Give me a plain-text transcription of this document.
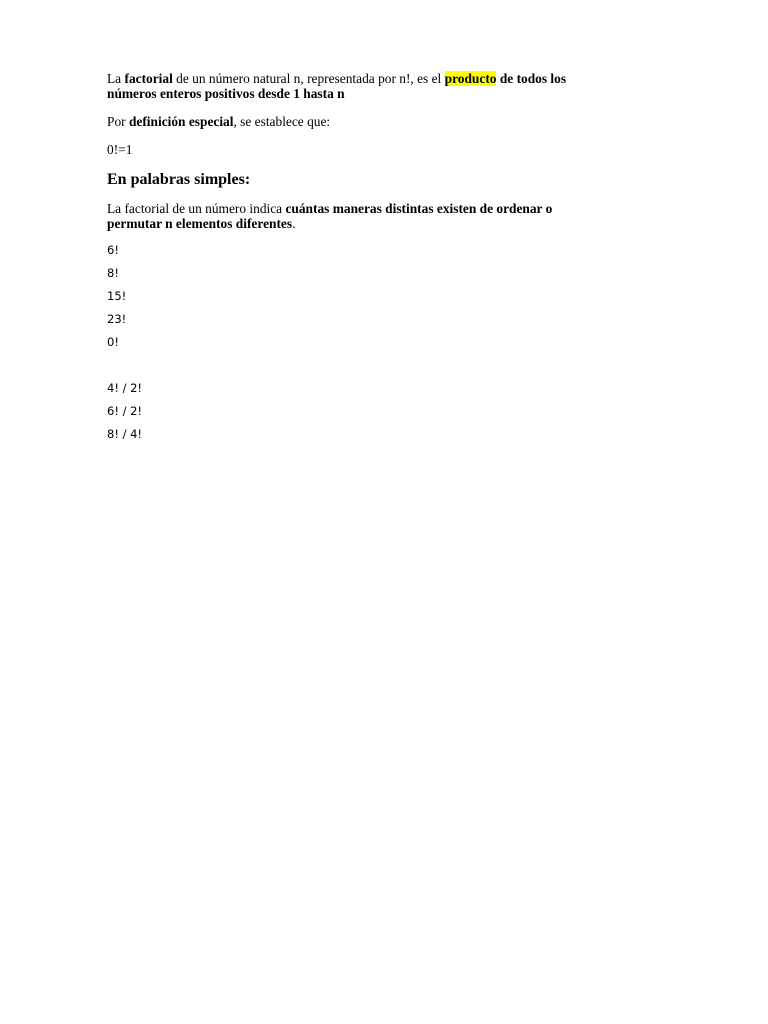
La factorial de un número natural n, representada por n!, es el producto de todos los
números enteros positivos desde 1 hasta n

Por definición especial, se establece que:

0!=1

En palabras simples:

La factorial de un número indica cuántas maneras distintas existen de ordenar o
permutar n elementos diferentes.

6!

8!

15!

23!

0!

4! / 2!

6! / 2!

8! / 4!
